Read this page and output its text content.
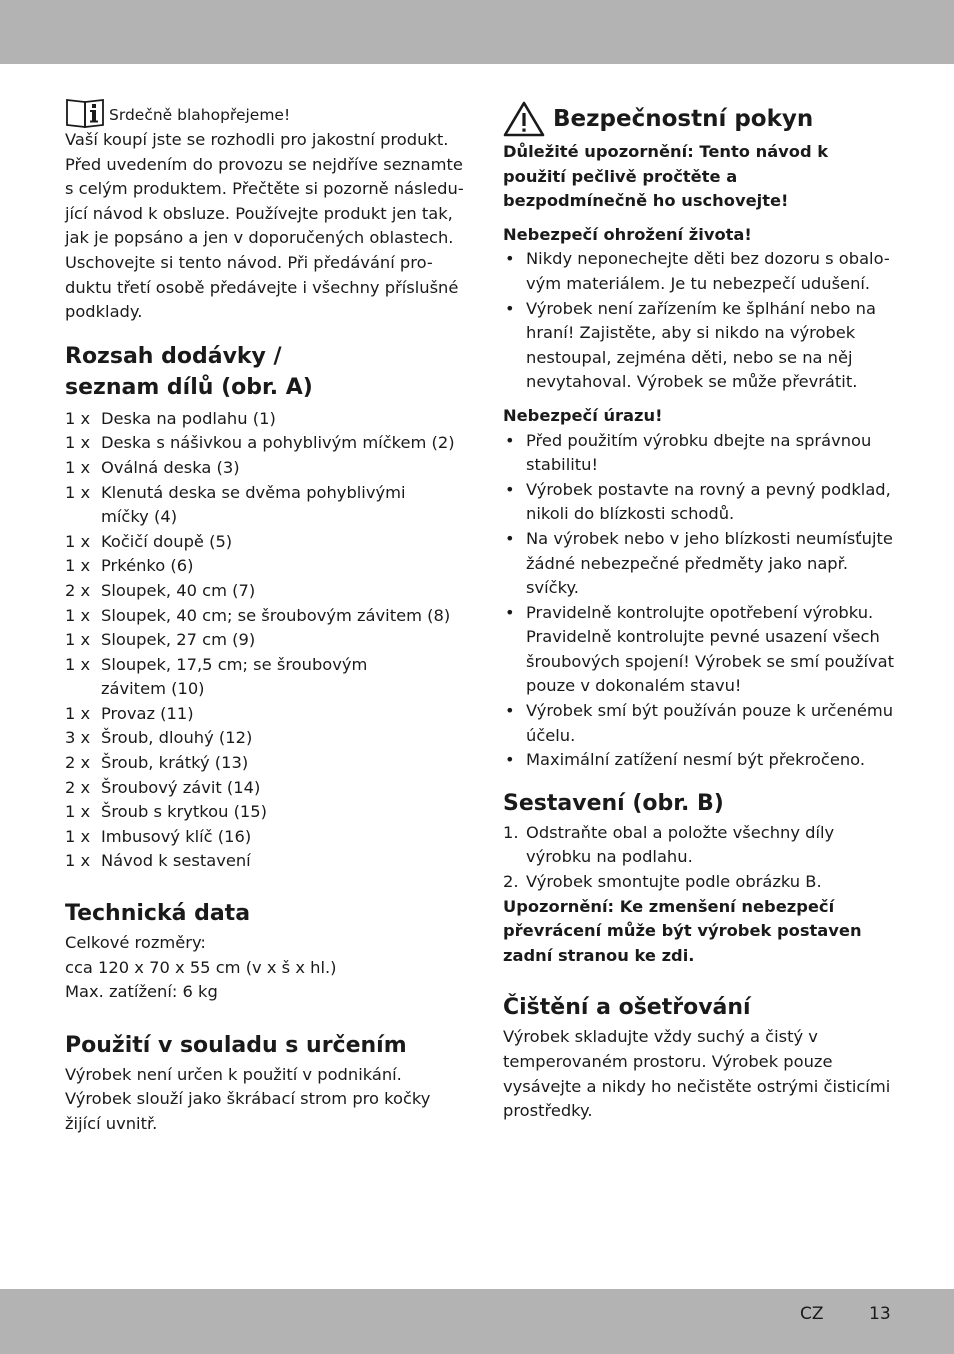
Srdečně blahopřejeme!
Vaší koupí jste se rozhodli pro jakostní produkt.
Před uvedením do provozu se nejdříve seznamte
s celým produktem. Přečtěte si pozorně následu-
jící návod k obsluze. Používejte produkt jen tak,
jak je popsáno a jen v doporučených oblastech.
Uschovejte si tento návod. Při předávání pro-
duktu třetí osobě předávejte i všechny příslušné
podklady.
Rozsah dodávky /
seznam dílů (obr. A)
1 x Deska na podlahu (1)
1 x Deska s nášivkou a pohyblivým míčkem (2)
1 x Oválná deska (3)
1 x Klenutá deska se dvěma pohyblivými
míčky (4)
1 x Kočičí doupě (5)
1 x Prkénko (6)
2 x Sloupek, 40 cm (7)
1 x Sloupek, 40 cm; se šroubovým závitem (8)
1 x Sloupek, 27 cm (9)
1 x Sloupek, 17,5 cm; se šroubovým
závitem (10)
1 x Provaz (11)
3 x Šroub, dlouhý (12)
2 x Šroub, krátký (13)
2 x Šroubový závit (14)
1 x Šroub s krytkou (15)
1 x Imbusový klíč (16)
1 x Návod k sestavení
Technická data
Celkové rozměry:
cca 120 x 70 x 55 cm (v x š x hl.)
Max. zatížení: 6 kg
Použití v souladu s určením
Výrobek není určen k použití v podnikání.
Výrobek slouží jako škrábací strom pro kočky
žijící uvnitř.
Bezpečnostní pokyn
Důležité upozornění: Tento návod k
použití pečlivě pročtěte a
bezpodmínečně ho uschovejte!
Nebezpečí ohrožení života!
• Nikdy neponechejte děti bez dozoru s obalo-
vým materiálem. Je tu nebezpečí udušení.
• Výrobek není zařízením ke šplhání nebo na
hraní! Zajistěte, aby si nikdo na výrobek
nestoupal, zejména děti, nebo se na něj
nevytahoval. Výrobek se může převrátit.
Nebezpečí úrazu!
• Před použitím výrobku dbejte na správnou
stabilitu!
• Výrobek postavte na rovný a pevný podklad,
nikoli do blízkosti schodů.
• Na výrobek nebo v jeho blízkosti neumísťujte
žádné nebezpečné předměty jako např.
svíčky.
• Pravidelně kontrolujte opotřebení výrobku.
Pravidelně kontrolujte pevné usazení všech
šroubových spojení! Výrobek se smí používat
pouze v dokonalém stavu!
• Výrobek smí být používán pouze k určenému
účelu.
• Maximální zatížení nesmí být překročeno.
Sestavení (obr. B)
1. Odstraňte obal a položte všechny díly
výrobku na podlahu.
2. Výrobek smontujte podle obrázku B.
Upozornění: Ke zmenšení nebezpečí
převrácení může být výrobek postaven
zadní stranou ke zdi.
Čištění a ošetřování
Výrobek skladujte vždy suchý a čistý v
temperovaném prostoru. Výrobek pouze
vysávejte a nikdy ho nečistěte ostrými čisticími
prostředky.
CZ	13
